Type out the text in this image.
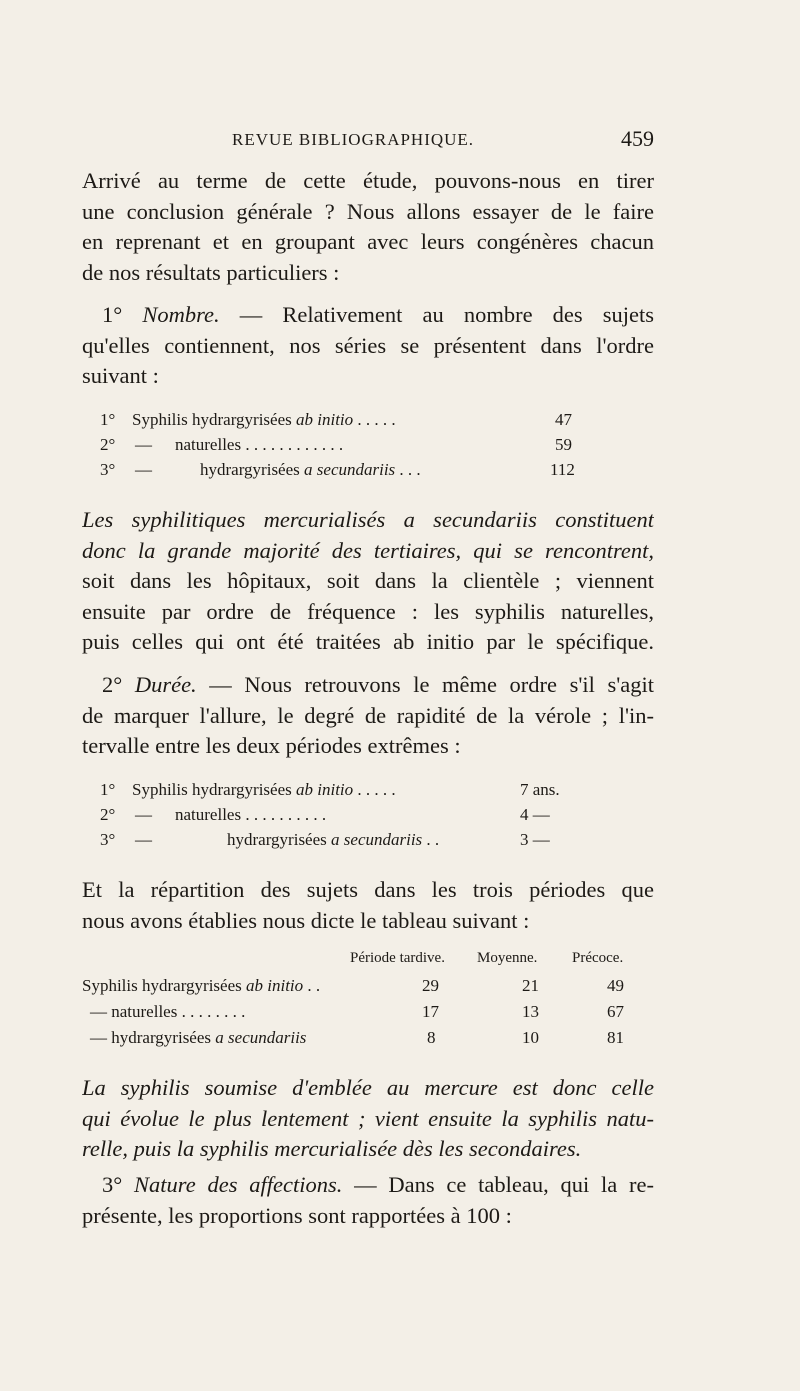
REVUE BIBLIOGRAPHIQUE.	459
Arrivé au terme de cette étude, pouvons-nous en tirer
une conclusion générale ? Nous allons essayer de le faire
en reprenant et en groupant avec leurs congénères chacun
de nos résultats particuliers :
1° Nombre. — Relativement au nombre des sujets
qu'elles contiennent, nos séries se présentent dans l'ordre
suivant :
1° Syphilis hydrargyrisées ab initio . . . . .	47
2° — naturelles . . . . . . . . . . . .	59
3° —	hydrargyrisées a secundariis . . .	112
Les syphilitiques mercurialisés a secundariis constituent
donc la grande majorité des tertiaires, qui se rencontrent,
soit dans les hôpitaux, soit dans la clientèle ; viennent
ensuite par ordre de fréquence : les syphilis naturelles,
puis celles qui ont été traitées ab initio par le spécifique.
2° Durée. — Nous retrouvons le même ordre s'il s'agit
de marquer l'allure, le degré de rapidité de la vérole ; l'in-
tervalle entre les deux périodes extrêmes :
1° Syphilis hydrargyrisées ab initio . . . . .	7 ans.
2° — naturelles . . . . . . . . . .	4 —
3° —	hydrargyrisées a secundariis . .	3 —
Et la répartition des sujets dans les trois périodes que
nous avons établies nous dicte le tableau suivant :
Période tardive. Moyenne. Précoce.
Syphilis hydrargyrisées ab initio . .	29	21	49
— naturelles . . . . . . . .	17	13	67
— hydrargyrisées a secundariis	8	10	81
La syphilis soumise d'emblée au mercure est donc celle
qui évolue le plus lentement ; vient ensuite la syphilis natu-
relle, puis la syphilis mercurialisée dès les secondaires.
3° Nature des affections. — Dans ce tableau, qui la re-
présente, les proportions sont rapportées à 100 :
